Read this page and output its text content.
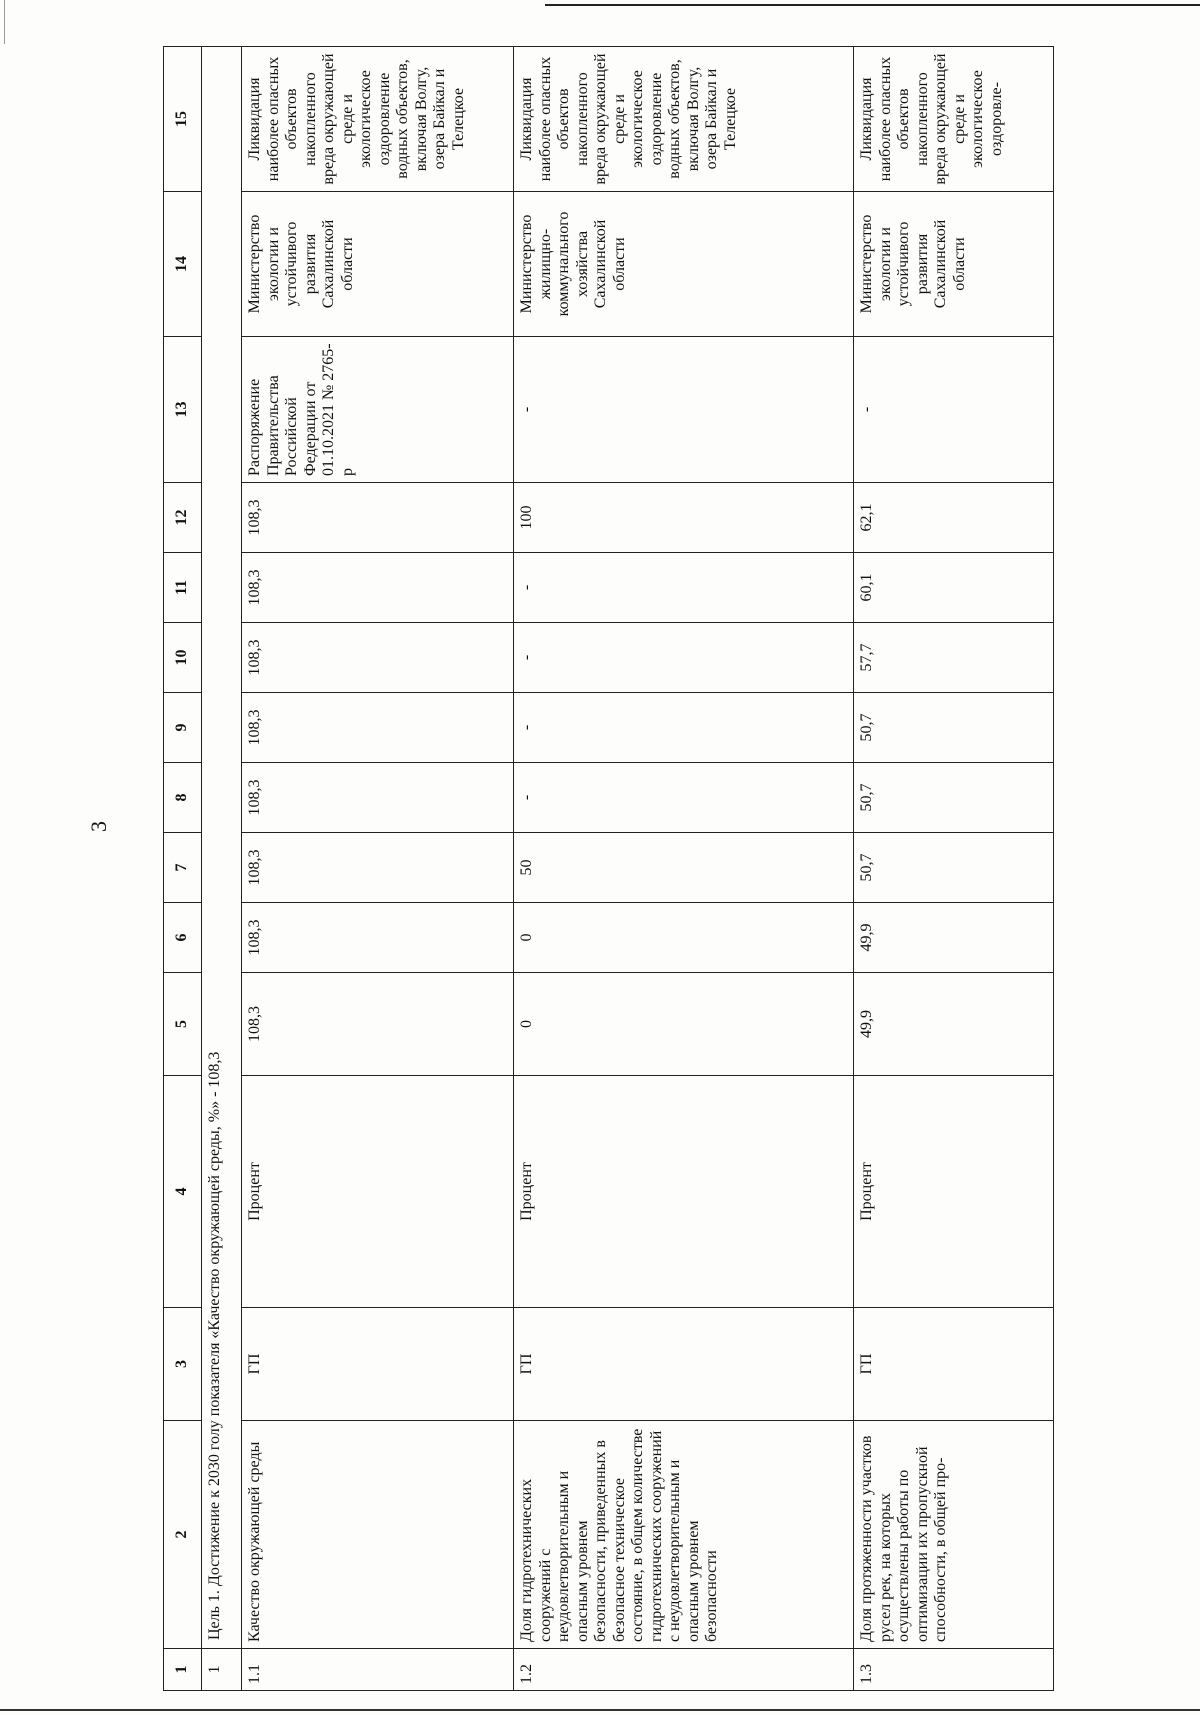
3
1	2	3	4	5	6	7	8	9	10	11	12	13	14	15
1	Цель 1. Достижение к 2030 голу показателя «Качество окружающей среды, %» - 108,3													
1.1	Качество окружающей среды	ГП	Процент	108,3	108,3	108,3	108,3	108,3	108,3	108,3	108,3	Распоряжение Правительства Российской Федерации от 01.10.2021 № 2765-р	Министерство экологии и устойчивого развития Сахалинской области	Ликвидация наиболее опасных объектов накопленного вреда окружающей среде и экологическое оздоровление водных объектов, включая Волгу, озера Байкал и Телецкое
1.2	Доля гидротехнических сооружений с неудовлетворительным и опасным уровнем безопасности, приведенных в безопасное техническое состояние, в общем количестве гидротехнических сооружений с неудовлетворительным и опасным уровнем безопасности	ГП	Процент	0	0	50	-	-	-	-	100	-	Министерство жилищно-коммунального хозяйства Сахалинской области	Ликвидация наиболее опасных объектов накопленного вреда окружающей среде и экологическое оздоровление водных объектов, включая Волгу, озера Байкал и Телецкое
1.3	Доля протяженности участков русел рек, на которых осуществлены работы по оптимизации их пропускной способности, в общей про-	ГП	Процент	49,9	49,9	50,7	50,7	50,7	57,7	60,1	62,1	-	Министерство экологии и устойчивого развития Сахалинской области	Ликвидация наиболее опасных объектов накопленного вреда окружающей среде и экологическое оздоровле-
